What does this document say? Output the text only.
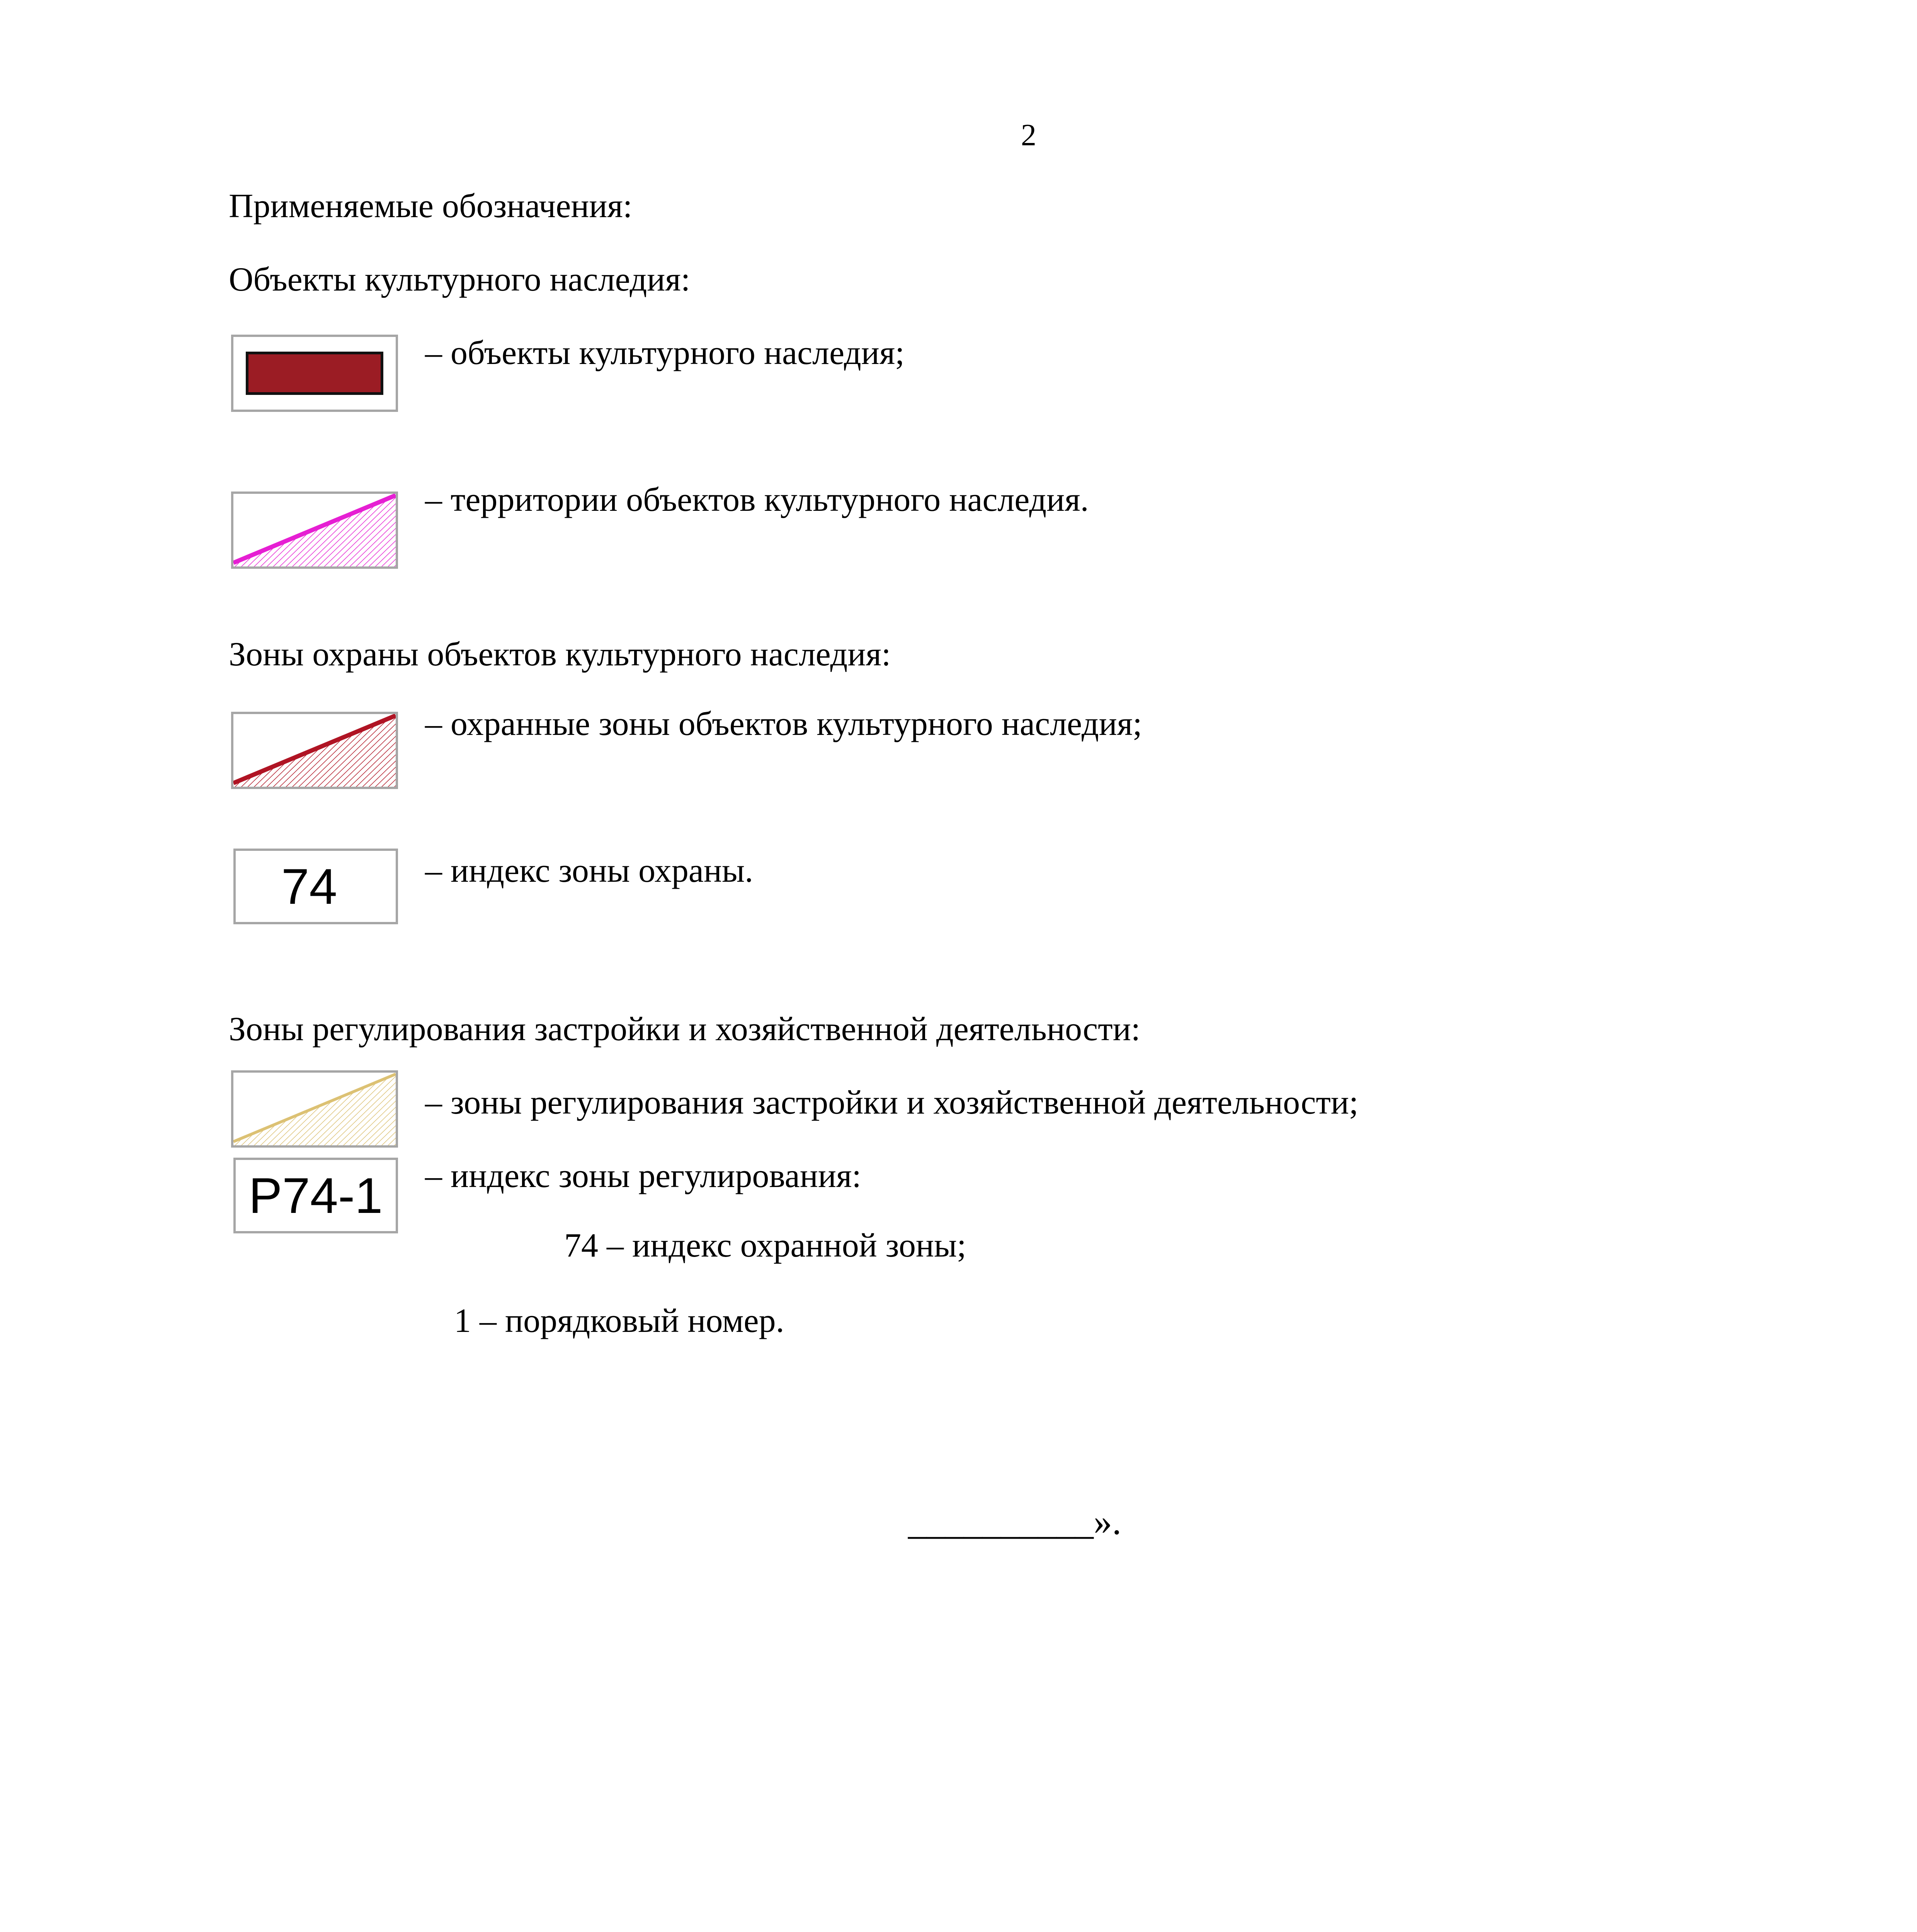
2
Применяемые обозначения:
Объекты культурного наследия:
– объекты культурного наследия;
– территории объектов культурного наследия.
Зоны охраны объектов культурного наследия:
– охранные зоны объектов культурного наследия;
74	– индекс зоны охраны.
Зоны регулирования застройки и хозяйственной деятельности:
– зоны регулирования застройки и хозяйственной деятельности;
Р74-1	– индекс зоны регулирования:
74 – индекс охранной зоны;
1 – порядковый номер.
__________».
